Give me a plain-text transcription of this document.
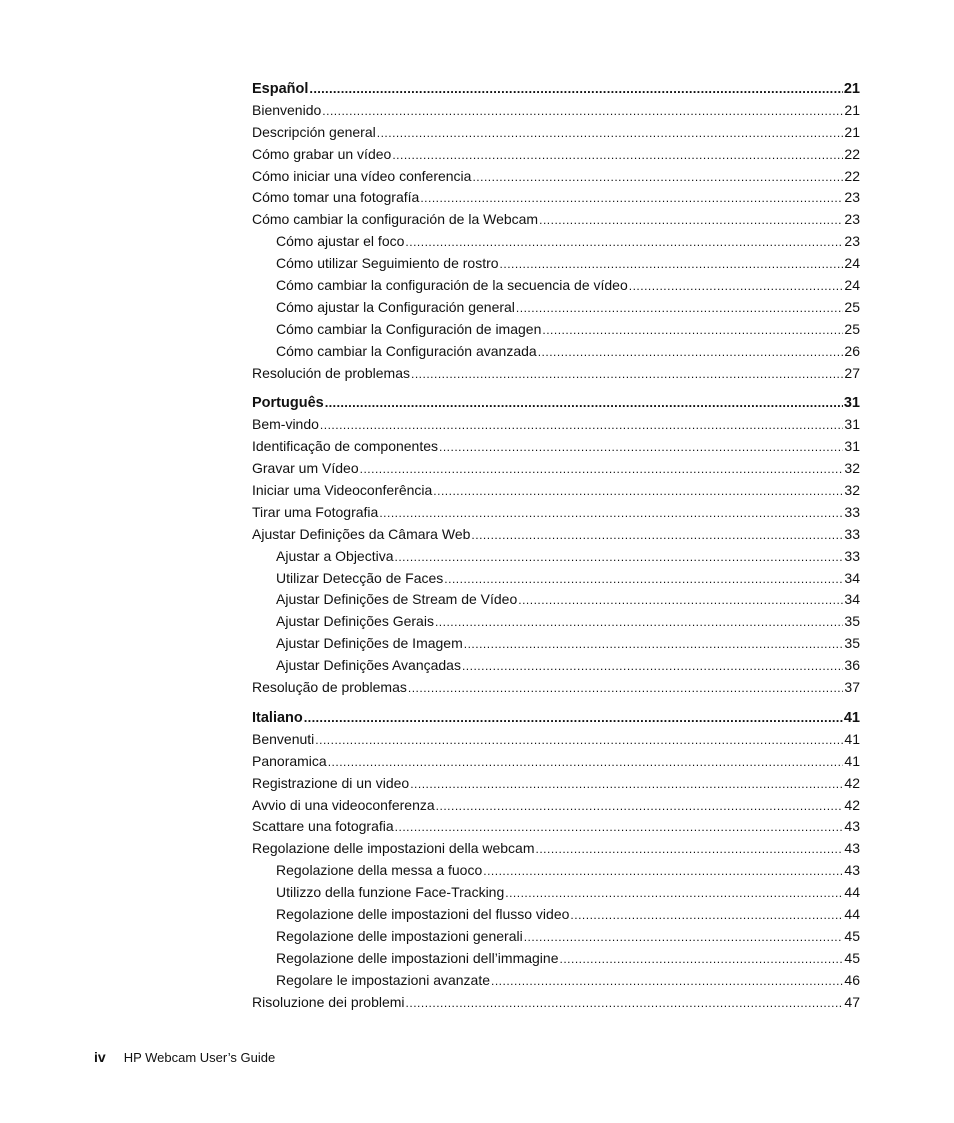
Español .....	21
Bienvenido .....	21
Descripción general .....	21
Cómo grabar un vídeo .....	22
Cómo iniciar una vídeo conferencia .....	22
Cómo tomar una fotografía .....	23
Cómo cambiar la configuración de la Webcam .....	23
Cómo ajustar el foco .....	23
Cómo utilizar Seguimiento de rostro .....	24
Cómo cambiar la configuración de la secuencia de vídeo .....	24
Cómo ajustar la Configuración general .....	25
Cómo cambiar la Configuración de imagen .....	25
Cómo cambiar la Configuración avanzada .....	26
Resolución de problemas .....	27
Português .....	31
Bem-vindo .....	31
Identificação de componentes .....	31
Gravar um Vídeo .....	32
Iniciar uma Videoconferência .....	32
Tirar uma Fotografia .....	33
Ajustar Definições da Câmara Web .....	33
Ajustar a Objectiva .....	33
Utilizar Detecção de Faces .....	34
Ajustar Definições de Stream de Vídeo .....	34
Ajustar Definições Gerais .....	35
Ajustar Definições de Imagem .....	35
Ajustar Definições Avançadas .....	36
Resolução de problemas .....	37
Italiano .....	41
Benvenuti .....	41
Panoramica .....	41
Registrazione di un video .....	42
Avvio di una videoconferenza .....	42
Scattare una fotografia .....	43
Regolazione delle impostazioni della webcam .....	43
Regolazione della messa a fuoco .....	43
Utilizzo della funzione Face-Tracking .....	44
Regolazione delle impostazioni del flusso video .....	44
Regolazione delle impostazioni generali .....	45
Regolazione delle impostazioni dell’immagine .....	45
Regolare le impostazioni avanzate .....	46
Risoluzione dei problemi .....	47
iv HP Webcam User’s Guide
